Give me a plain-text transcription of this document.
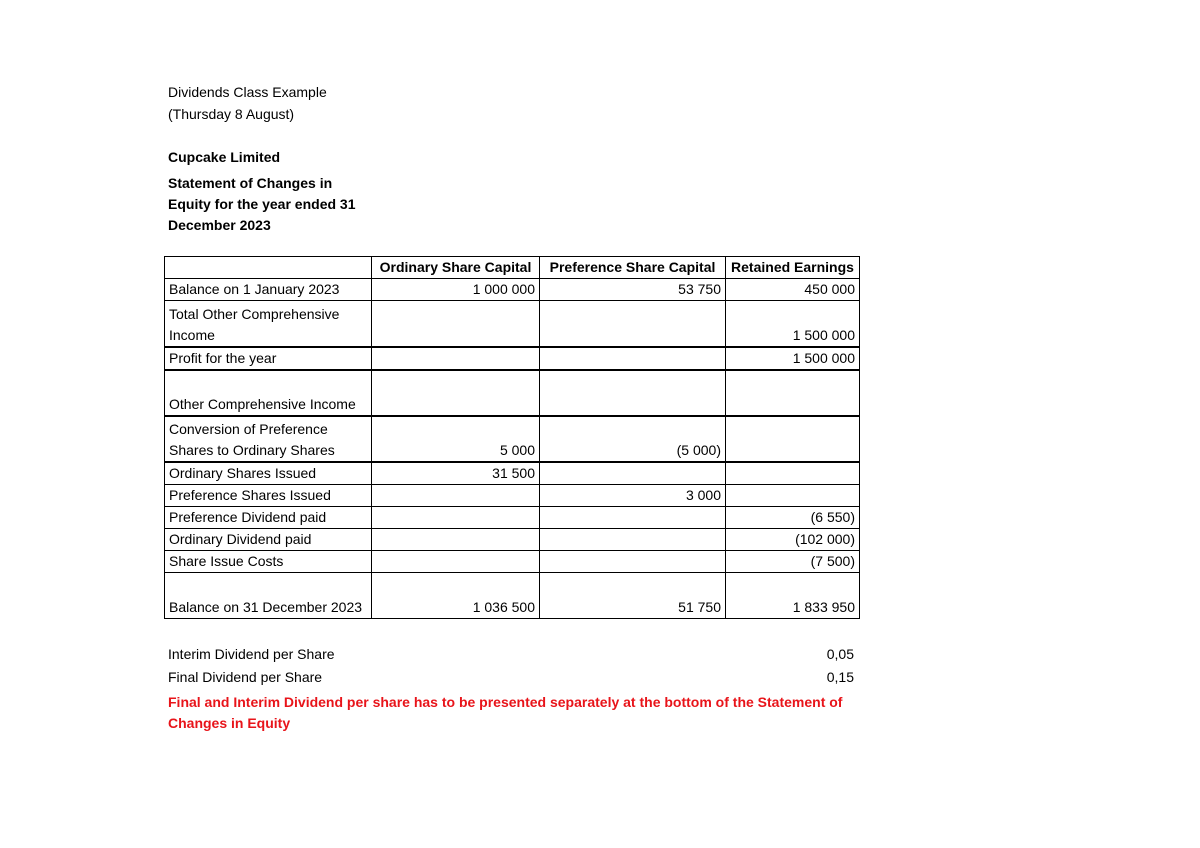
Dividends Class Example
(Thursday 8 August)
Cupcake Limited
Statement of Changes in Equity for the year ended 31 December 2023
	Ordinary Share Capital	Preference Share Capital	Retained Earnings
Balance on 1 January 2023	1 000 000	53 750	450 000
Total Other Comprehensive Income			1 500 000
Profit for the year			1 500 000
Other Comprehensive Income			
Conversion of Preference Shares to Ordinary Shares	5 000	(5 000)	
Ordinary Shares Issued	31 500		
Preference Shares Issued		3 000	
Preference Dividend paid			(6 550)
Ordinary Dividend paid			(102 000)
Share Issue Costs			(7 500)
Balance on 31 December 2023	1 036 500	51 750	1 833 950
Interim Dividend per Share	0,05
Final Dividend per Share	0,15
Final and Interim Dividend per share has to be presented separately at the bottom of the Statement of Changes in Equity
